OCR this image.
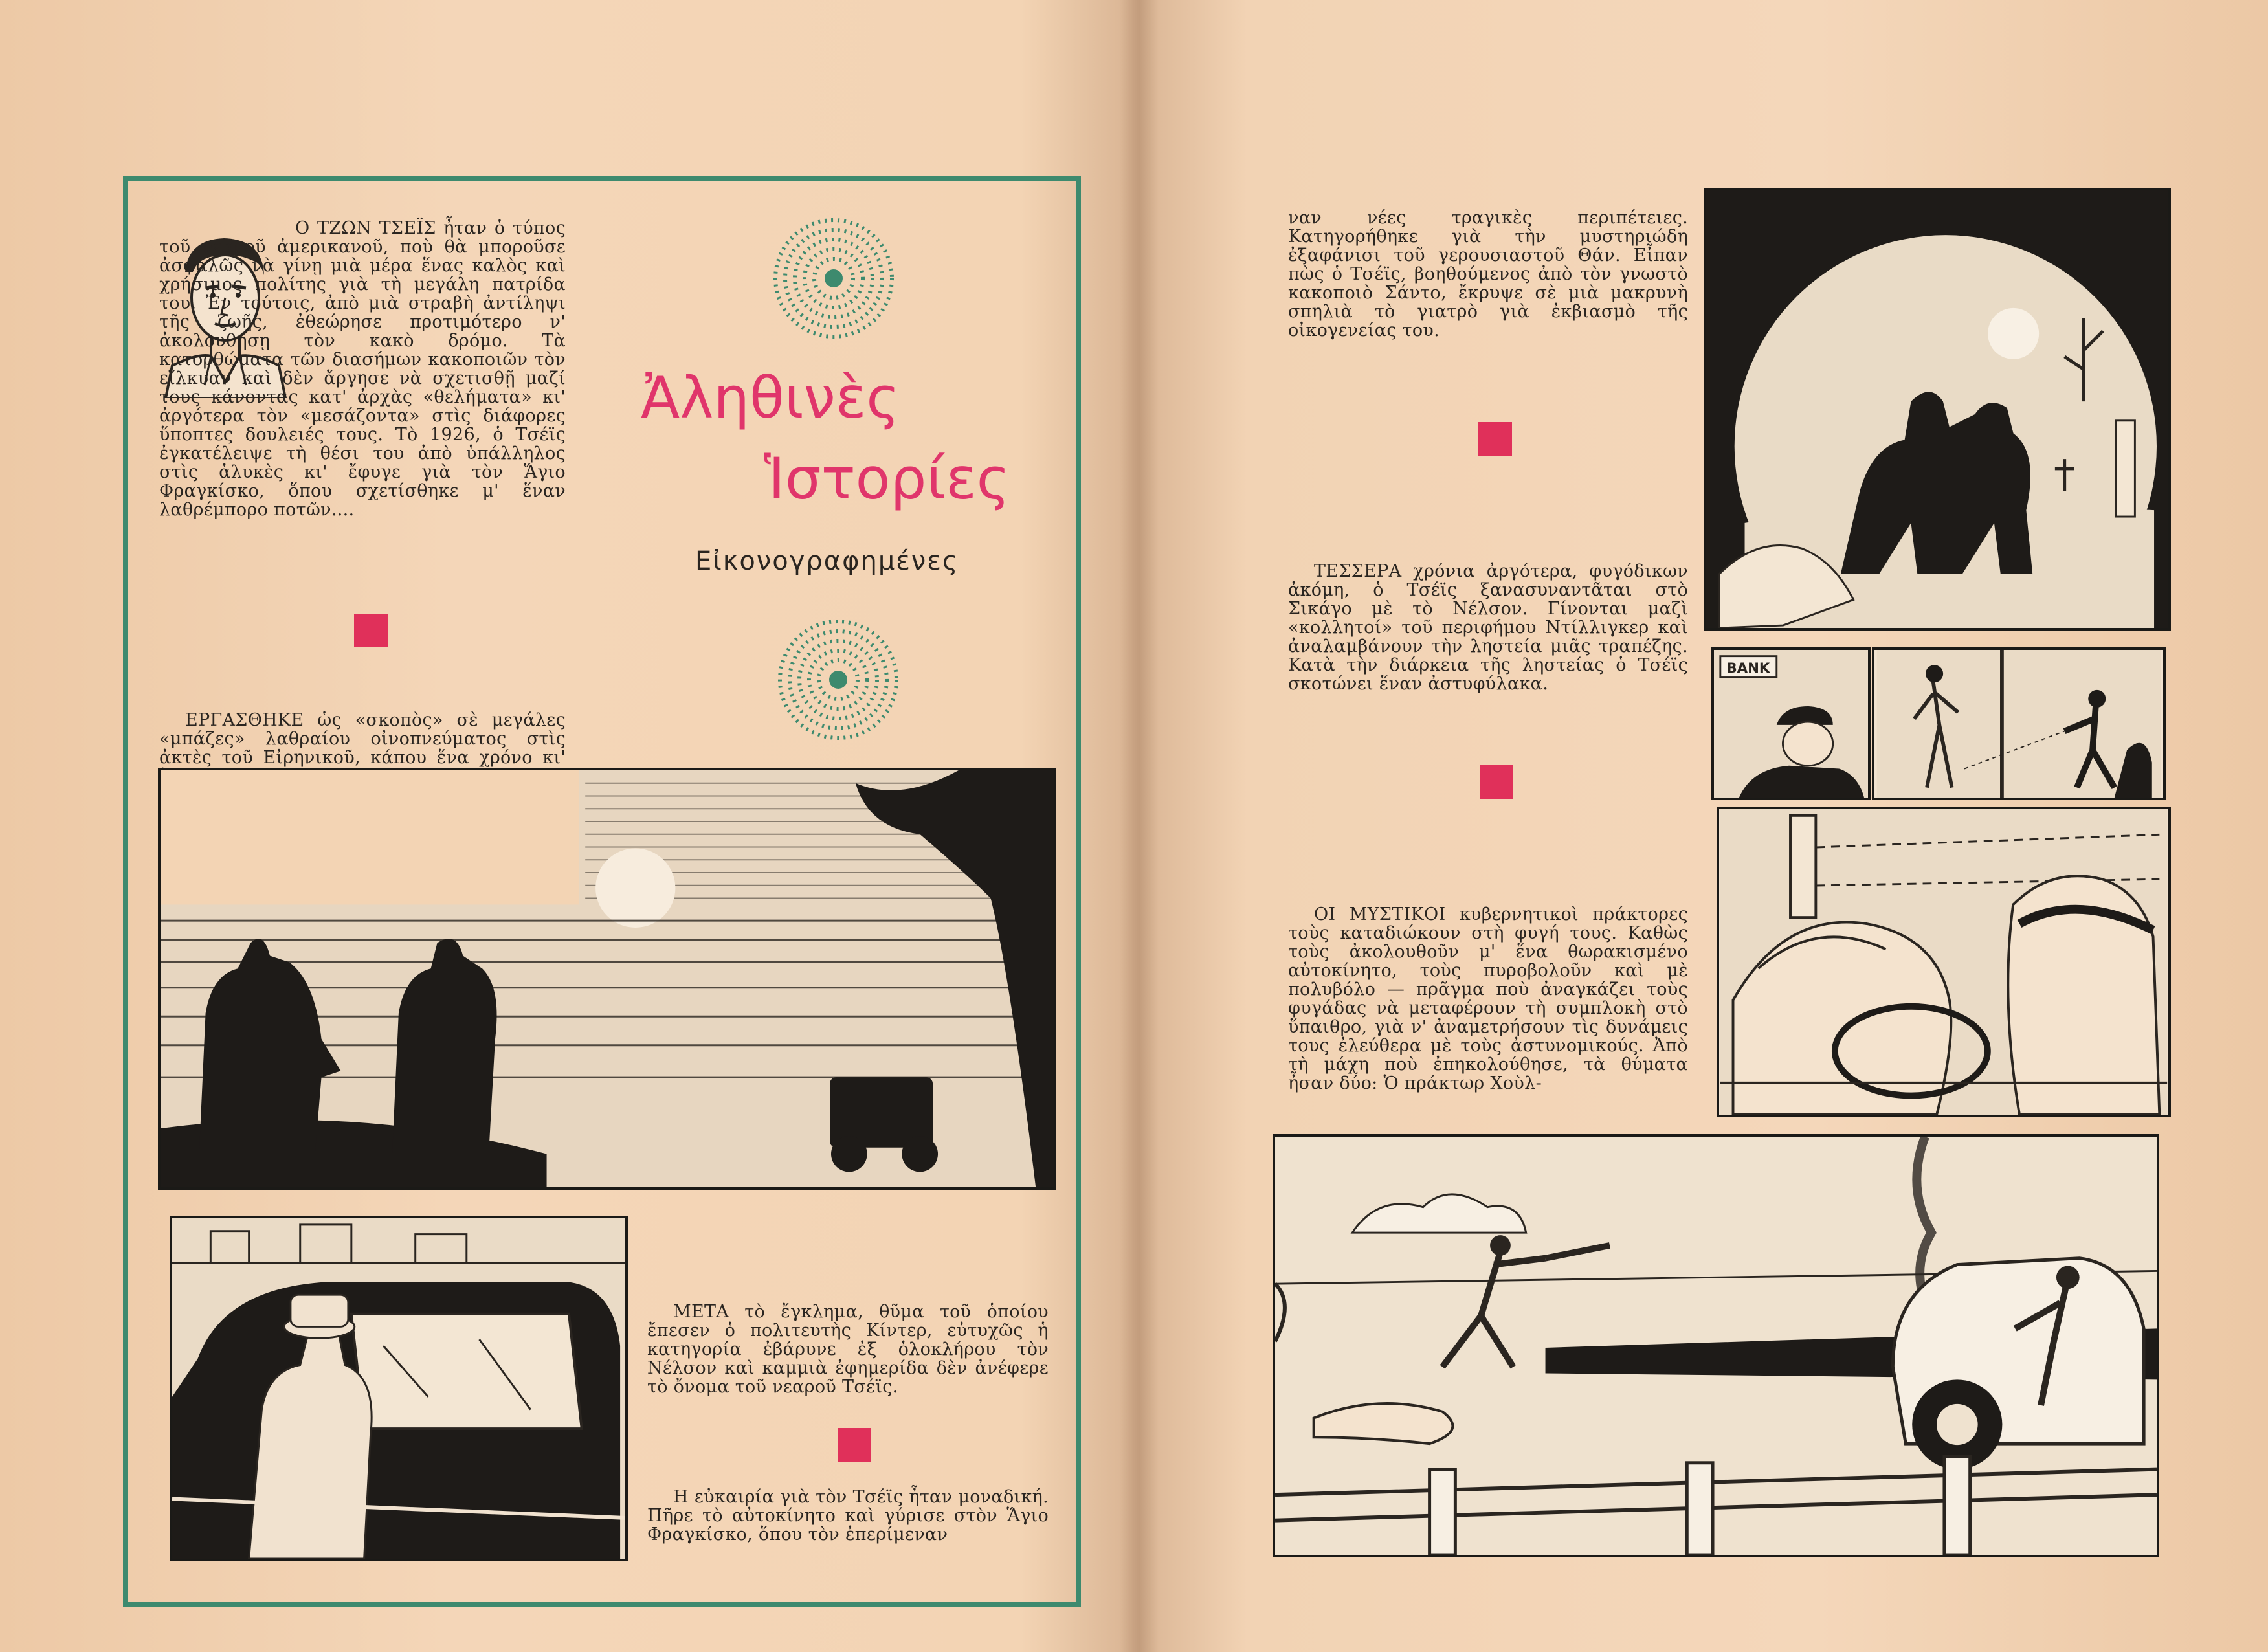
Ο ΤΖΩΝ ΤΣΕΪΣ ἦταν ὁ τύπος τοῦ νεαροῦ ἀμερικανοῦ, ποὺ θὰ μποροῦσε ἀσφαλῶς νὰ γίνῃ μιὰ μέρα ἕνας καλὸς καὶ χρήσιμος πολίτης γιὰ τὴ μεγάλη πατρίδα του. Ἐν τούτοις, ἀπὸ μιὰ στραβὴ ἀντίληψι τῆς ζωῆς, ἐθεώρησε προτιμότερο ν' ἀκολουθήσῃ τὸν κακὸ δρόμο. Τὰ κατορθώματα τῶν διασήμων κακοποιῶν τὸν εἵλκυαν καὶ δὲν ἄργησε νὰ σχετισθῇ μαζί τους κάνοντας κατ' ἀρχὰς «θελήματα» κι' ἀργότερα τὸν «μεσάζοντα» στὶς διάφορες ὕποπτες δουλειές τους. Τὸ 1926, ὁ Τσέϊς ἐγκατέλειψε τὴ θέσι του ἀπὸ ὑπάλληλος στὶς ἁλυκὲς κι' ἔφυγε γιὰ τὸν Ἅγιο Φραγκίσκο, ὅπου σχετίσθηκε μ' ἕναν λαθρέμπορο ποτῶν....
ΕΡΓΑΣΘΗΚΕ ὡς «σκοπὸς» σὲ μεγάλες «μπάζες» λαθραίου οἰνοπνεύματος στὶς ἀκτὲς τοῦ Εἰρηνικοῦ, κάπου ἕνα χρόνο κι'
Ἀληθινὲς
Ἱστορίες
Εἰκονογραφημένες
ΜΕΤΑ τὸ ἔγκλημα, θῦμα τοῦ ὁποίου ἔπεσεν ὁ πολιτευτὴς Κίντερ, εὐτυχῶς ἡ κατηγορία ἐβάρυνε ἐξ ὁλοκλήρου τὸν Νέλσον καὶ καμμιὰ ἐφημερίδα δὲν ἀνέφερε τὸ ὄνομα τοῦ νεαροῦ Τσέϊς.
Η εὐκαιρία γιὰ τὸν Τσέϊς ἦταν μοναδική. Πῆρε τὸ αὐτοκίνητο καὶ γύρισε στὸν Ἅγιο Φραγκίσκο, ὅπου τὸν ἐπερίμεναν
ναν νέες τραγικὲς περιπέτειες. Κατηγορήθηκε γιὰ τὴν μυστηριώδη ἐξαφάνισι τοῦ γερουσιαστοῦ Θάν. Εἶπαν πὼς ὁ Τσέϊς, βοηθούμενος ἀπὸ τὸν γνωστὸ κακοποιὸ Σάντο, ἔκρυψε σὲ μιὰ μακρυνὴ σπηλιὰ τὸ γιατρὸ γιὰ ἐκβιασμὸ τῆς οἰκογενείας του.
ΤΕΣΣΕΡΑ χρόνια ἀργότερα, φυγόδικων ἀκόμη, ὁ Τσέϊς ξανασυναντᾶται στὸ Σικάγο μὲ τὸ Νέλσον. Γίνονται μαζὶ «κολλητοί» τοῦ περιφήμου Ντίλλιγκερ καὶ ἀναλαμβάνουν τὴν ληστεία μιᾶς τραπέζης. Κατὰ τὴν διάρκεια τῆς ληστείας ὁ Τσέϊς σκοτώνει ἕναν ἀστυφύλακα.
BANK
ΟΙ ΜΥΣΤΙΚΟΙ κυβερνητικοὶ πράκτορες τοὺς καταδιώκουν στὴ φυγή τους. Καθὼς τοὺς ἀκολουθοῦν μ' ἕνα θωρακισμένο αὐτοκίνητο, τοὺς πυροβολοῦν καὶ μὲ πολυβόλο — πρᾶγμα ποὺ ἀναγκάζει τοὺς φυγάδας νὰ μεταφέρουν τὴ συμπλοκὴ στὸ ὕπαιθρο, γιὰ ν' ἀναμετρήσουν τὶς δυνάμεις τους ἐλεύθερα μὲ τοὺς ἀστυνομικούς. Ἀπὸ τὴ μάχη ποὺ ἐπηκολούθησε, τὰ θύματα ἦσαν δύο: Ὁ πράκτωρ Χοὺλ-
